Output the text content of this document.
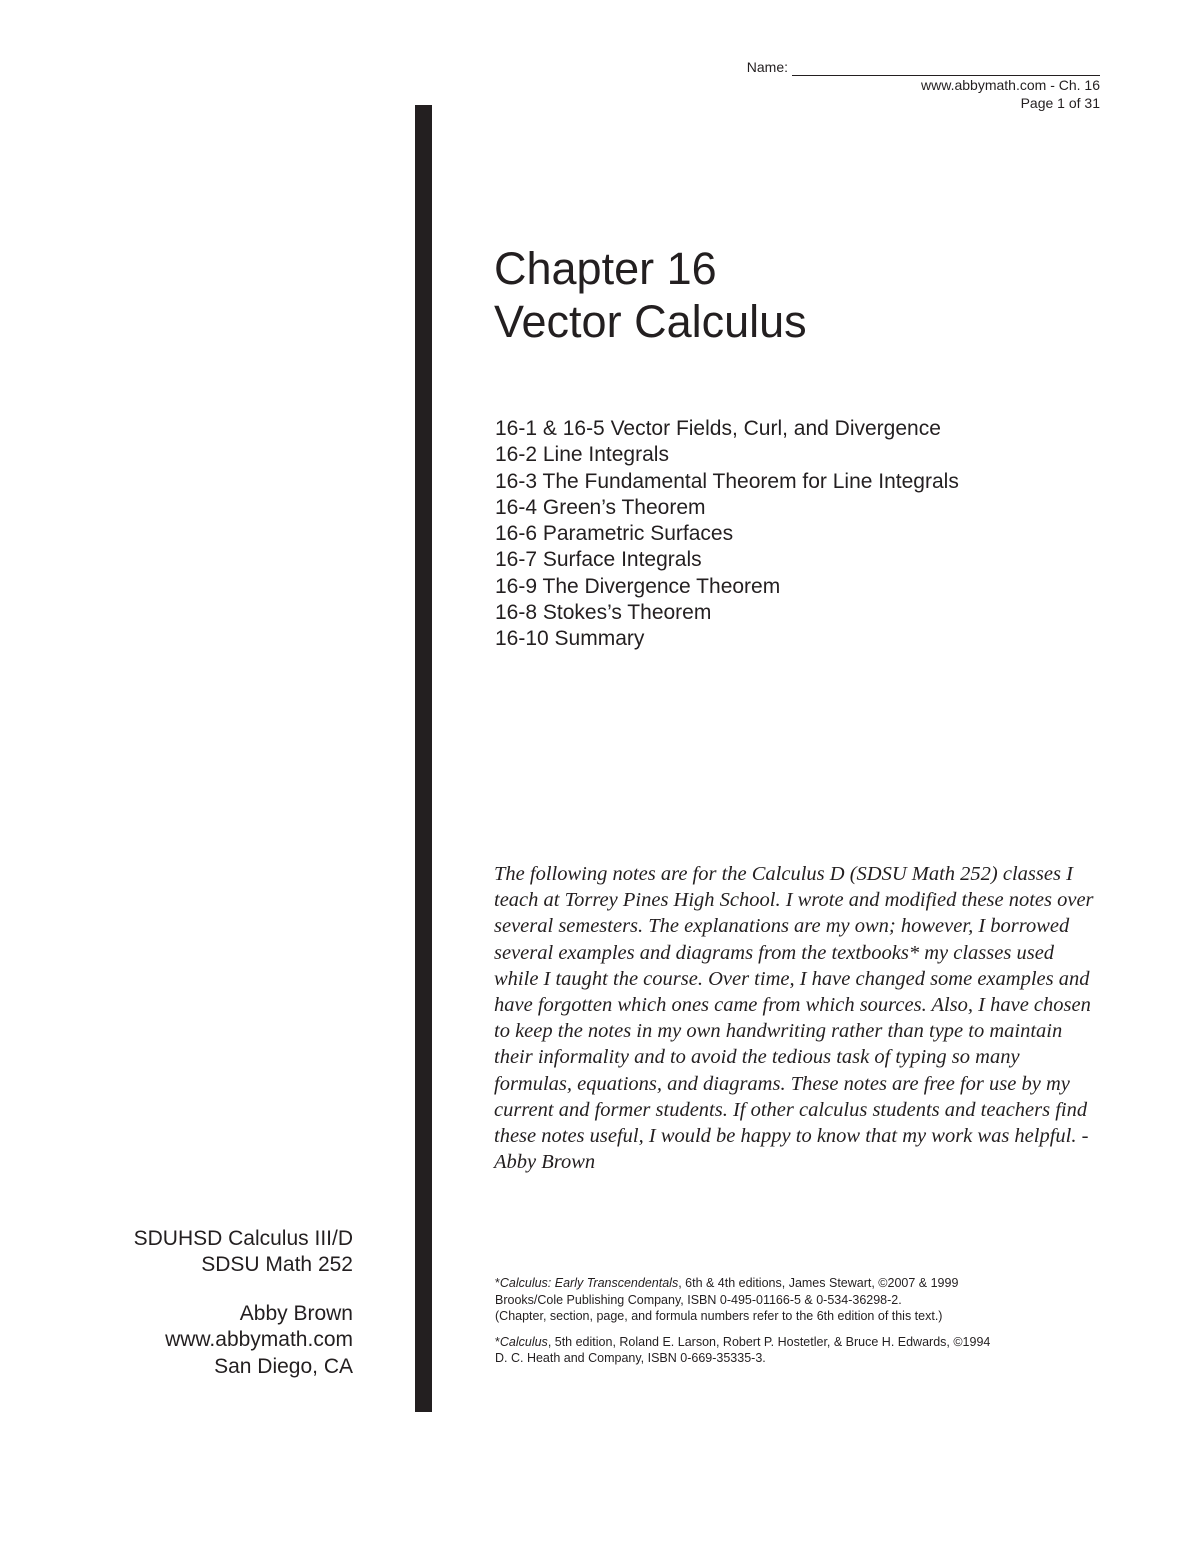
Name:
www.abbymath.com - Ch. 16
Page 1 of 31
Chapter 16
Vector Calculus
16-1 & 16-5 Vector Fields, Curl, and Divergence
16-2 Line Integrals
16-3 The Fundamental Theorem for Line Integrals
16-4 Green’s Theorem
16-6 Parametric Surfaces
16-7 Surface Integrals
16-9 The Divergence Theorem
16-8 Stokes’s Theorem
16-10 Summary

The following notes are for the Calculus D (SDSU Math 252) classes I teach at Torrey Pines High School. I wrote and modified these notes over several semesters. The explanations are my own; however, I borrowed several examples and diagrams from the textbooks* my classes used while I taught the course. Over time, I have changed some examples and have forgotten which ones came from which sources. Also, I have chosen to keep the notes in my own handwriting rather than type to maintain their informality and to avoid the tedious task of typing so many formulas, equations, and diagrams. These notes are free for use by my current and former students. If other calculus students and teachers find these notes useful, I would be happy to know that my work was helpful. - Abby Brown

*Calculus: Early Transcendentals, 6th & 4th editions, James Stewart, ©2007 & 1999
Brooks/Cole Publishing Company, ISBN 0-495-01166-5 & 0-534-36298-2.
(Chapter, section, page, and formula numbers refer to the 6th edition of this text.)

*Calculus, 5th edition, Roland E. Larson, Robert P. Hostetler, & Bruce H. Edwards, ©1994
D. C. Heath and Company, ISBN 0-669-35335-3.

SDUHSD Calculus III/D
SDSU Math 252
Abby Brown
www.abbymath.com
San Diego, CA
